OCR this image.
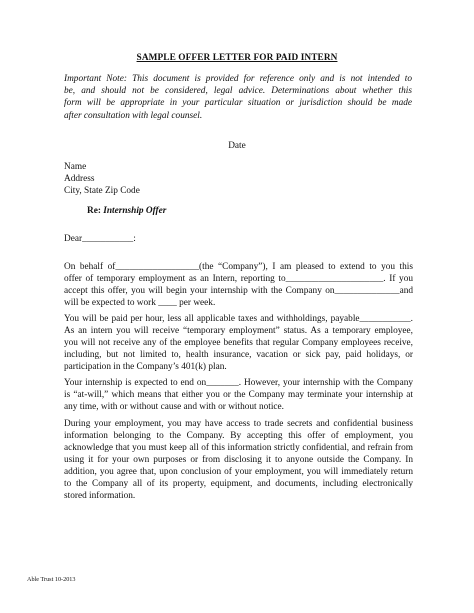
SAMPLE OFFER LETTER FOR PAID INTERN
Important Note: This document is provided for reference only and is not intended to
be, and should not be considered, legal advice. Determinations about whether this
form will be appropriate in your particular situation or jurisdiction should be made
after consultation with legal counsel.
Date
Name
Address
City, State Zip Code
Re: Internship Offer
Dear___________:
On behalf of__________________(the “Company”), I am pleased to extend to you this
offer of temporary employment as an Intern, reporting to_____________________. If you
accept this offer, you will begin your internship with the Company on______________and
will be expected to work ____ per week.
You will be paid per hour, less all applicable taxes and withholdings, payable___________.
As an intern you will receive “temporary employment” status. As a temporary employee,
you will not receive any of the employee benefits that regular Company employees receive,
including, but not limited to, health insurance, vacation or sick pay, paid holidays, or
participation in the Company’s 401(k) plan.
Your internship is expected to end on_______. However, your internship with the Company
is “at-will,” which means that either you or the Company may terminate your internship at
any time, with or without cause and with or without notice.
During your employment, you may have access to trade secrets and confidential business
information belonging to the Company. By accepting this offer of employment, you
acknowledge that you must keep all of this information strictly confidential, and refrain from
using it for your own purposes or from disclosing it to anyone outside the Company. In
addition, you agree that, upon conclusion of your employment, you will immediately return
to the Company all of its property, equipment, and documents, including electronically
stored information.
Able Trust 10-2013
